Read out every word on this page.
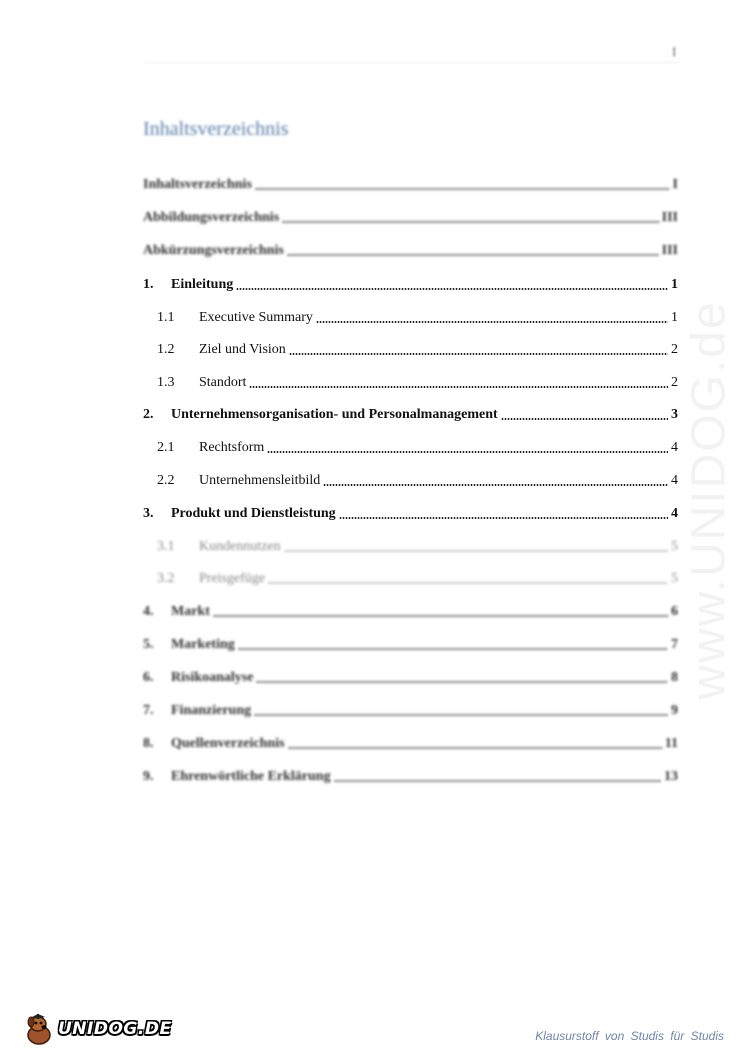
I
www.UNIDOG.de
Inhaltsverzeichnis
Inhaltsverzeichnis	I
Abbildungsverzeichnis	III
Abkürzungsverzeichnis	III
1.	Einleitung	1
1.1	Executive Summary	1
1.2	Ziel und Vision	2
1.3	Standort	2
2.	Unternehmensorganisation- und Personalmanagement	3
2.1	Rechtsform	4
2.2	Unternehmensleitbild	4
3.	Produkt und Dienstleistung	4
3.1	Kundennutzen	5
3.2	Preisgefüge	5
4.	Markt	6
5.	Marketing	7
6.	Risikoanalyse	8
7.	Finanzierung	9
8.	Quellenverzeichnis	11
9.	Ehrenwörtliche Erklärung	13
UNIDOG.DE	Klausurstoff von Studis für Studis
